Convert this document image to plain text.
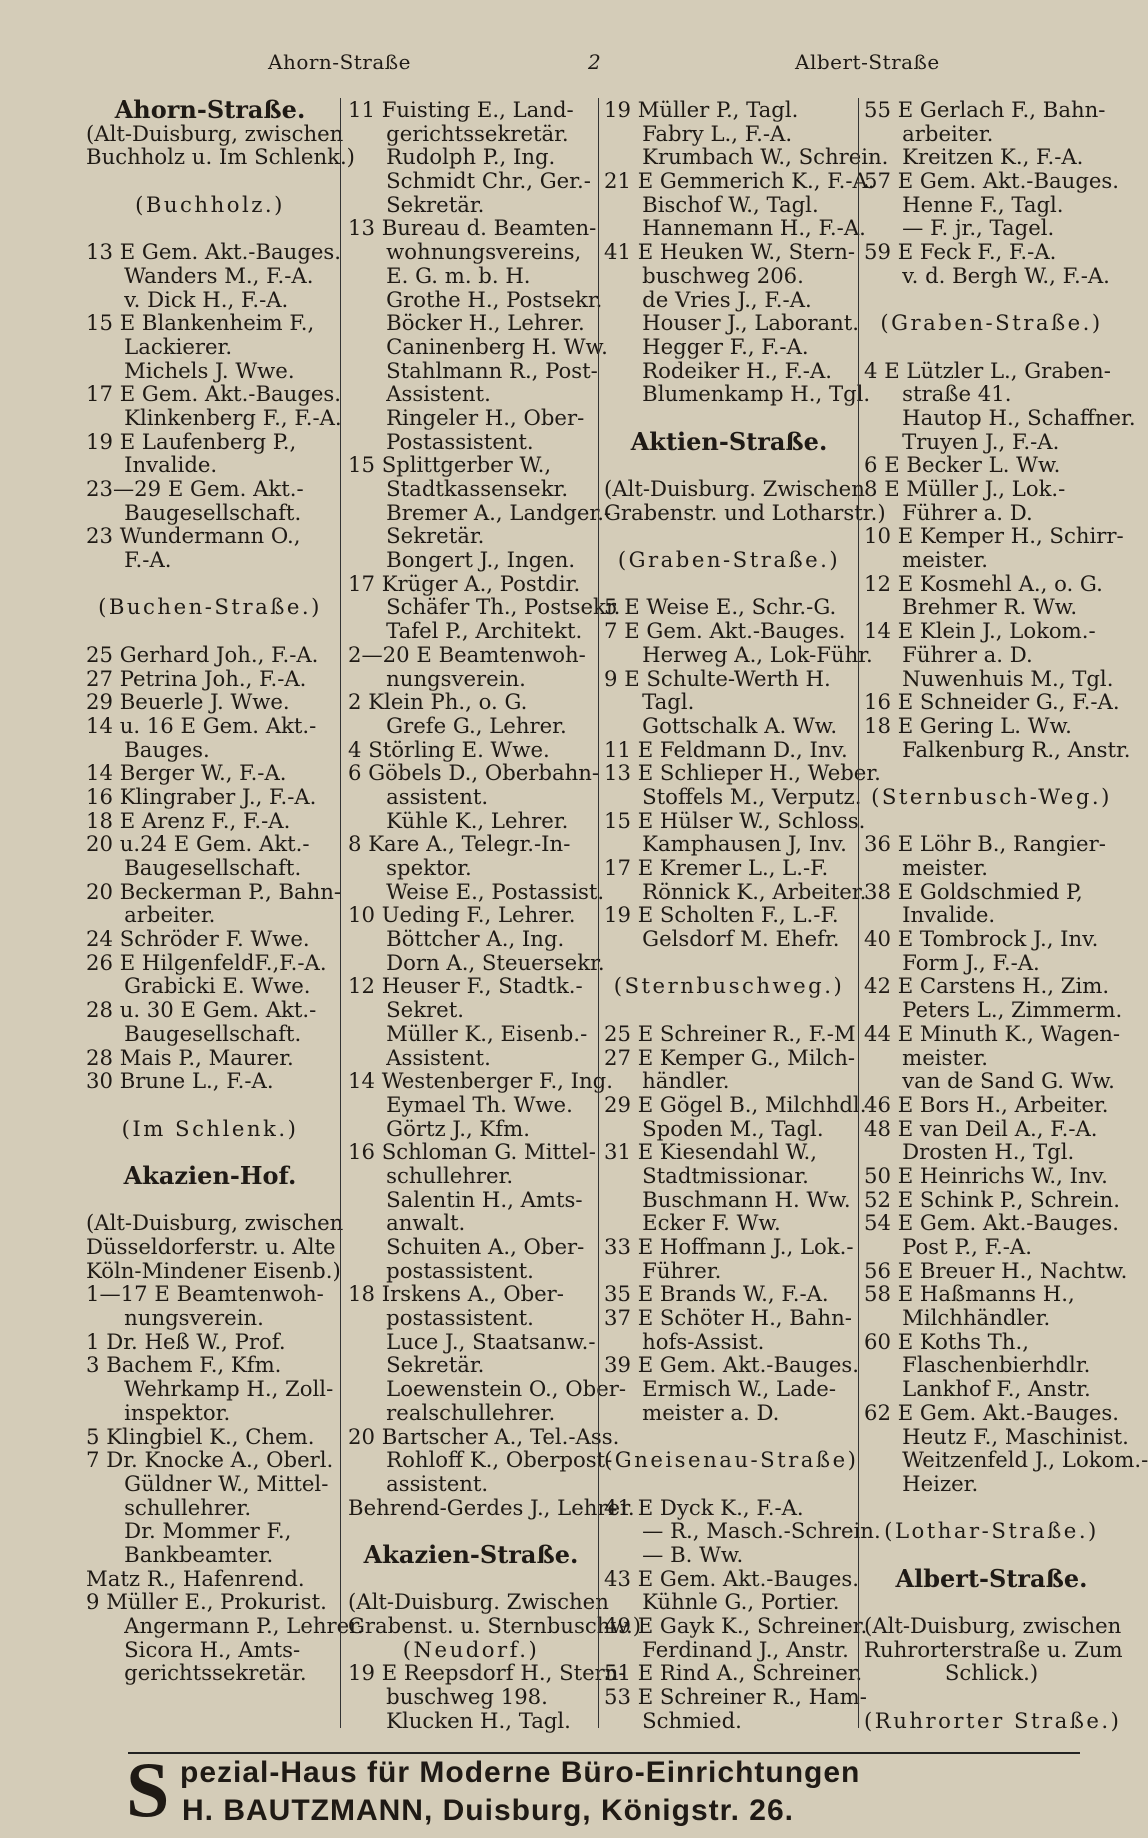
Ahorn-Straße	2	Albert-Straße
Ahorn-Straße.
(Alt-Duisburg, zwischen
Buchholz u. Im Schlenk.)
(Buchholz.)
13 E Gem. Akt.-Bauges.
Wanders M., F.-A.
v. Dick H., F.-A.
15 E Blankenheim F.,
Lackierer.
Michels J. Wwe.
17 E Gem. Akt.-Bauges.
Klinkenberg F., F.-A.
19 E Laufenberg P.,
Invalide.
23—29 E Gem. Akt.-
Baugesellschaft.
23 Wundermann O.,
F.-A.
(Buchen-Straße.)
25 Gerhard Joh., F.-A.
27 Petrina Joh., F.-A.
29 Beuerle J. Wwe.
14 u. 16 E Gem. Akt.-
Bauges.
14 Berger W., F.-A.
16 Klingraber J., F.-A.
18 E Arenz F., F.-A.
20 u.24 E Gem. Akt.-
Baugesellschaft.
20 Beckerman P., Bahn-
arbeiter.
24 Schröder F. Wwe.
26 E HilgenfeldF.,F.-A.
Grabicki E. Wwe.
28 u. 30 E Gem. Akt.-
Baugesellschaft.
28 Mais P., Maurer.
30 Brune L., F.-A.
(Im Schlenk.)
Akazien-Hof.
(Alt-Duisburg, zwischen
Düsseldorferstr. u. Alte
Köln-Mindener Eisenb.)
1—17 E Beamtenwoh-
nungsverein.
1 Dr. Heß W., Prof.
3 Bachem F., Kfm.
Wehrkamp H., Zoll-
inspektor.
5 Klingbiel K., Chem.
7 Dr. Knocke A., Oberl.
Güldner W., Mittel-
schullehrer.
Dr. Mommer F.,
Bankbeamter.
Matz R., Hafenrend.
9 Müller E., Prokurist.
Angermann P., Lehrer.
Sicora H., Amts-
gerichtssekretär.
11 Fuisting E., Land-
gerichtssekretär.
Rudolph P., Ing.
Schmidt Chr., Ger.-
Sekretär.
13 Bureau d. Beamten-
wohnungsvereins,
E. G. m. b. H.
Grothe H., Postsekr.
Böcker H., Lehrer.
Caninenberg H. Ww.
Stahlmann R., Post-
Assistent.
Ringeler H., Ober-
Postassistent.
15 Splittgerber W.,
Stadtkassensekr.
Bremer A., Landger.-
Sekretär.
Bongert J., Ingen.
17 Krüger A., Postdir.
Schäfer Th., Postsekr.
Tafel P., Architekt.
2—20 E Beamtenwoh-
nungsverein.
2 Klein Ph., o. G.
Grefe G., Lehrer.
4 Störling E. Wwe.
6 Göbels D., Oberbahn-
assistent.
Kühle K., Lehrer.
8 Kare A., Telegr.-In-
spektor.
Weise E., Postassist.
10 Ueding F., Lehrer.
Böttcher A., Ing.
Dorn A., Steuersekr.
12 Heuser F., Stadtk.-
Sekret.
Müller K., Eisenb.-
Assistent.
14 Westenberger F., Ing.
Eymael Th. Wwe.
Görtz J., Kfm.
16 Schloman G. Mittel-
schullehrer.
Salentin H., Amts-
anwalt.
Schuiten A., Ober-
postassistent.
18 Irskens A., Ober-
postassistent.
Luce J., Staatsanw.-
Sekretär.
Loewenstein O., Ober-
realschullehrer.
20 Bartscher A., Tel.-Ass.
Rohloff K., Oberpost-
assistent.
Behrend-Gerdes J., Lehrer.
Akazien-Straße.
(Alt-Duisburg. Zwischen
Grabenst. u. Sternbuschw.)
(Neudorf.)
19 E Reepsdorf H., Stern-
buschweg 198.
Klucken H., Tagl.
19 Müller P., Tagl.
Fabry L., F.-A.
Krumbach W., Schrein.
21 E Gemmerich K., F.-A.
Bischof W., Tagl.
Hannemann H., F.-A.
41 E Heuken W., Stern-
buschweg 206.
de Vries J., F.-A.
Houser J., Laborant.
Hegger F., F.-A.
Rodeiker H., F.-A.
Blumenkamp H., Tgl.
Aktien-Straße.
(Alt-Duisburg. Zwischen
Grabenstr. und Lotharstr.)
(Graben-Straße.)
5 E Weise E., Schr.-G.
7 E Gem. Akt.-Bauges.
Herweg A., Lok-Führ.
9 E Schulte-Werth H.
Tagl.
Gottschalk A. Ww.
11 E Feldmann D., Inv.
13 E Schlieper H., Weber.
Stoffels M., Verputz.
15 E Hülser W., Schloss.
Kamphausen J, Inv.
17 E Kremer L., L.-F.
Rönnick K., Arbeiter.
19 E Scholten F., L.-F.
Gelsdorf M. Ehefr.
(Sternbuschweg.)
25 E Schreiner R., F.-M
27 E Kemper G., Milch-
händler.
29 E Gögel B., Milchhdl.
Spoden M., Tagl.
31 E Kiesendahl W.,
Stadtmissionar.
Buschmann H. Ww.
Ecker F. Ww.
33 E Hoffmann J., Lok.-
Führer.
35 E Brands W., F.-A.
37 E Schöter H., Bahn-
hofs-Assist.
39 E Gem. Akt.-Bauges.
Ermisch W., Lade-
meister a. D.
(Gneisenau-Straße)
41 E Dyck K., F.-A.
— R., Masch.-Schrein.
— B. Ww.
43 E Gem. Akt.-Bauges.
Kühnle G., Portier.
49 E Gayk K., Schreiner.
Ferdinand J., Anstr.
51 E Rind A., Schreiner.
53 E Schreiner R., Ham-
Schmied.
55 E Gerlach F., Bahn-
arbeiter.
Kreitzen K., F.-A.
57 E Gem. Akt.-Bauges.
Henne F., Tagl.
— F. jr., Tagel.
59 E Feck F., F.-A.
v. d. Bergh W., F.-A.
(Graben-Straße.)
4 E Lützler L., Graben-
straße 41.
Hautop H., Schaffner.
Truyen J., F.-A.
6 E Becker L. Ww.
8 E Müller J., Lok.-
Führer a. D.
10 E Kemper H., Schirr-
meister.
12 E Kosmehl A., o. G.
Brehmer R. Ww.
14 E Klein J., Lokom.-
Führer a. D.
Nuwenhuis M., Tgl.
16 E Schneider G., F.-A.
18 E Gering L. Ww.
Falkenburg R., Anstr.
(Sternbusch-Weg.)
36 E Löhr B., Rangier-
meister.
38 E Goldschmied P,
Invalide.
40 E Tombrock J., Inv.
Form J., F.-A.
42 E Carstens H., Zim.
Peters L., Zimmerm.
44 E Minuth K., Wagen-
meister.
van de Sand G. Ww.
46 E Bors H., Arbeiter.
48 E van Deil A., F.-A.
Drosten H., Tgl.
50 E Heinrichs W., Inv.
52 E Schink P., Schrein.
54 E Gem. Akt.-Bauges.
Post P., F.-A.
56 E Breuer H., Nachtw.
58 E Haßmanns H.,
Milchhändler.
60 E Koths Th.,
Flaschenbierhdlr.
Lankhof F., Anstr.
62 E Gem. Akt.-Bauges.
Heutz F., Maschinist.
Weitzenfeld J., Lokom.-
Heizer.
(Lothar-Straße.)
Albert-Straße.
(Alt-Duisburg, zwischen
Ruhrorterstraße u. Zum
Schlick.)
(Ruhrorter Straße.)
S pezial-Haus für Moderne Büro-Einrichtungen
H. BAUTZMANN, Duisburg, Königstr. 26.
